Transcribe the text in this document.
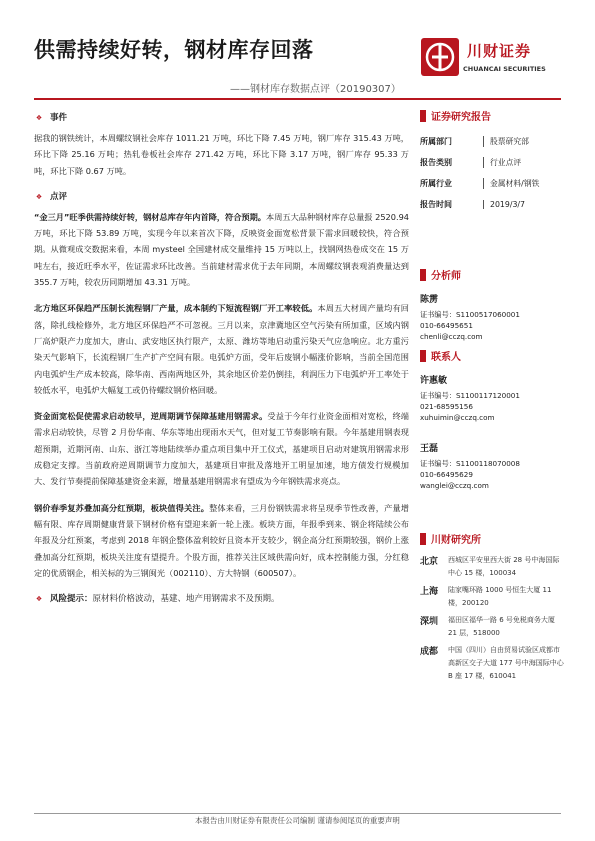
供需持续好转，钢材库存回落
——钢材库存数据点评（20190307）
川财证券
CHUANCAI SECURITIES
❖ 事件

据我的钢铁统计，本周螺纹钢社会库存 1011.21 万吨，环比下降 7.45 万吨，钢厂库存 315.43 万吨，环比下降 25.16 万吨；热轧卷板社会库存 271.42 万吨，环比下降 3.17 万吨，钢厂库存 95.33 万吨，环比下降 0.67 万吨。

❖ 点评

“金三月”旺季供需持续好转，钢材总库存年内首降，符合预期。本周五大品种钢材库存总量报 2520.94 万吨，环比下降 53.89 万吨，实现今年以来首次下降，反映资金面宽松背景下需求回暖较快，符合预期。从微观成交数据来看，本周 mysteel 全国建材成交量维持 15 万吨以上，找钢网热卷成交在 15 万吨左右，接近旺季水平，佐证需求环比改善。当前建材需求优于去年同期，本周螺纹钢表观消费量达到 355.7 万吨，较农历同期增加 43.31 万吨。

北方地区环保趋严压制长流程钢厂产量，成本制约下短流程钢厂开工率较低。本周五大材周产量均有回落，除扎线检修外，北方地区环保趋严不可忽视。三月以来，京津冀地区空气污染有所加重，区域内钢厂高炉限产力度加大，唐山、武安地区执行限产，太原、潍坊等地启动重污染天气应急响应。北方重污染天气影响下，长流程钢厂生产扩产空间有限。电弧炉方面，受年后废钢小幅涨价影响，当前全国范围内电弧炉生产成本较高，除华南、西南两地区外，其余地区价差仍倒挂，利润压力下电弧炉开工率处于较低水平，电弧炉大幅复工或仍待螺纹钢价格回暖。

资金面宽松促使需求启动较早，逆周期调节保障基建用钢需求。受益于今年行业资金面相对宽松，终端需求启动较快，尽管 2 月份华南、华东等地出现雨水天气，但对复工节奏影响有限。今年基建用钢表现超预期，近期河南、山东、浙江等地陆续举办重点项目集中开工仪式，基建项目启动对建筑用钢需求形成稳定支撑。当前政府逆周期调节力度加大，基建项目审批及落地开工明显加速，地方债发行规模加大、发行节奏提前保障基建资金来源，增量基建用钢需求有望成为今年钢铁需求亮点。

钢价春季复苏叠加高分红预期，板块值得关注。整体来看，三月份钢铁需求将呈现季节性改善，产量增幅有限、库存周期健康背景下钢材价格有望迎来新一轮上涨。板块方面，年报季到来、钢企将陆续公布年报及分红预案，考虑到 2018 年钢企整体盈利较好且资本开支较少，钢企高分红预期较强，钢价上涨叠加高分红预期，板块关注度有望提升。个股方面，推荐关注区域供需向好，成本控制能力强，分红稳定的优质钢企，相关标的为三钢闽光（002110）、方大特钢（600507）。

❖ 风险提示： 原材料价格波动，基建、地产用钢需求不及预期。
证券研究报告
所属部门	股票研究部
报告类别	行业点评
所属行业	金属材料/钢铁
报告时间	2019/3/7
分析师
陈雳
证书编号：S1100517060001
010-66495651
chenli@cczq.com
联系人
许惠敏
证书编号：S1100117120001
021-68595156
xuhuimin@cczq.com
王磊
证书编号：S1100118070008
010-66495629
wanglei@cczq.com
川财研究所
北京	西城区平安里西大街 28 号中海国际中心 15 楼，100034
上海	陆家嘴环路 1000 号恒生大厦 11 楼，200120
深圳	福田区福华一路 6 号免税商务大厦 21 层，518000
成都	中国（四川）自由贸易试验区成都市高新区交子大道 177 号中海国际中心 B 座 17 楼，610041
本报告由川财证券有限责任公司编制 谨请参阅尾页的重要声明
